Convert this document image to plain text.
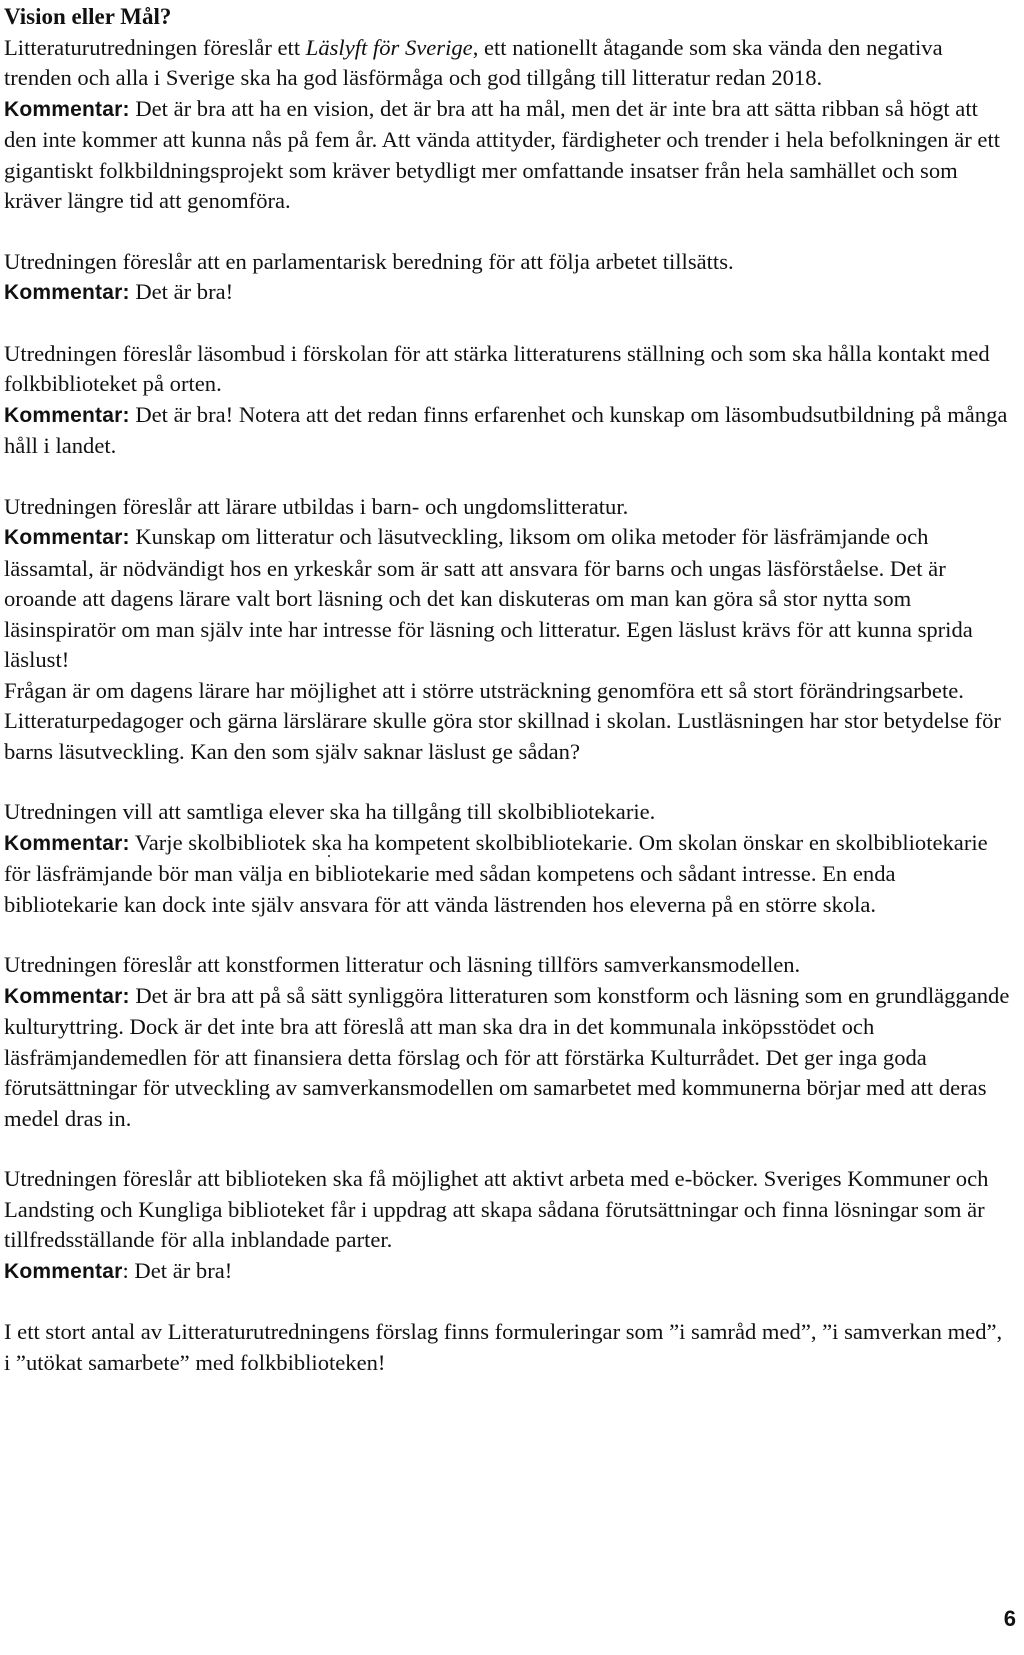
Vision eller Mål?

Litteraturutredningen föreslår ett Läslyft för Sverige, ett nationellt åtagande som ska vända den negativa trenden och alla i Sverige ska ha god läsförmåga och god tillgång till litteratur redan 2018.

Kommentar: Det är bra att ha en vision, det är bra att ha mål, men det är inte bra att sätta ribban så högt att den inte kommer att kunna nås på fem år. Att vända attityder, färdigheter och trender i hela befolkningen är ett gigantiskt folkbildningsprojekt som kräver betydligt mer omfattande insatser från hela samhället och som kräver längre tid att genomföra.

Utredningen föreslår att en parlamentarisk beredning för att följa arbetet tillsätts.

Kommentar: Det är bra!

Utredningen föreslår läsombud i förskolan för att stärka litteraturens ställning och som ska hålla kontakt med folkbiblioteket på orten.

Kommentar: Det är bra! Notera att det redan finns erfarenhet och kunskap om läsombudsutbildning på många håll i landet.

Utredningen föreslår att lärare utbildas i barn- och ungdomslitteratur.

Kommentar: Kunskap om litteratur och läsutveckling, liksom om olika metoder för läsfrämjande och lässamtal, är nödvändigt hos en yrkeskår som är satt att ansvara för barns och ungas läsförståelse. Det är oroande att dagens lärare valt bort läsning och det kan diskuteras om man kan göra så stor nytta som läsinspiratör om man själv inte har intresse för läsning och litteratur. Egen läslust krävs för att kunna sprida läslust!

Frågan är om dagens lärare har möjlighet att i större utsträckning genomföra ett så stort förändringsarbete. Litteraturpedagoger och gärna lärslärare skulle göra stor skillnad i skolan. Lustläsningen har stor betydelse för barns läsutveckling. Kan den som själv saknar läslust ge sådan?

Utredningen vill att samtliga elever ska ha tillgång till skolbibliotekarie.

Kommentar: Varje skolbibliotek ska ha kompetent skolbibliotekarie. Om skolan önskar en skolbibliotekarie för läsfrämjande bör man välja en bibliotekarie med sådan kompetens och sådant intresse. En enda bibliotekarie kan dock inte själv ansvara för att vända lästrenden hos eleverna på en större skola.

Utredningen föreslår att konstformen litteratur och läsning tillförs samverkansmodellen.

Kommentar: Det är bra att på så sätt synliggöra litteraturen som konstform och läsning som en grundläggande kulturyttring. Dock är det inte bra att föreslå att man ska dra in det kommunala inköpsstödet och läsfrämjandemedlen för att finansiera detta förslag och för att förstärka Kulturrådet. Det ger inga goda förutsättningar för utveckling av samverkansmodellen om samarbetet med kommunerna börjar med att deras medel dras in.

Utredningen föreslår att biblioteken ska få möjlighet att aktivt arbeta med e-böcker. Sveriges Kommuner och Landsting och Kungliga biblioteket får i uppdrag att skapa sådana förutsättningar och finna lösningar som är tillfredsställande för alla inblandade parter.

Kommentar: Det är bra!

I ett stort antal av Litteraturutredningens förslag finns formuleringar som ”i samråd med”, ”i samverkan med”, i ”utökat samarbete” med folkbiblioteken!

6
